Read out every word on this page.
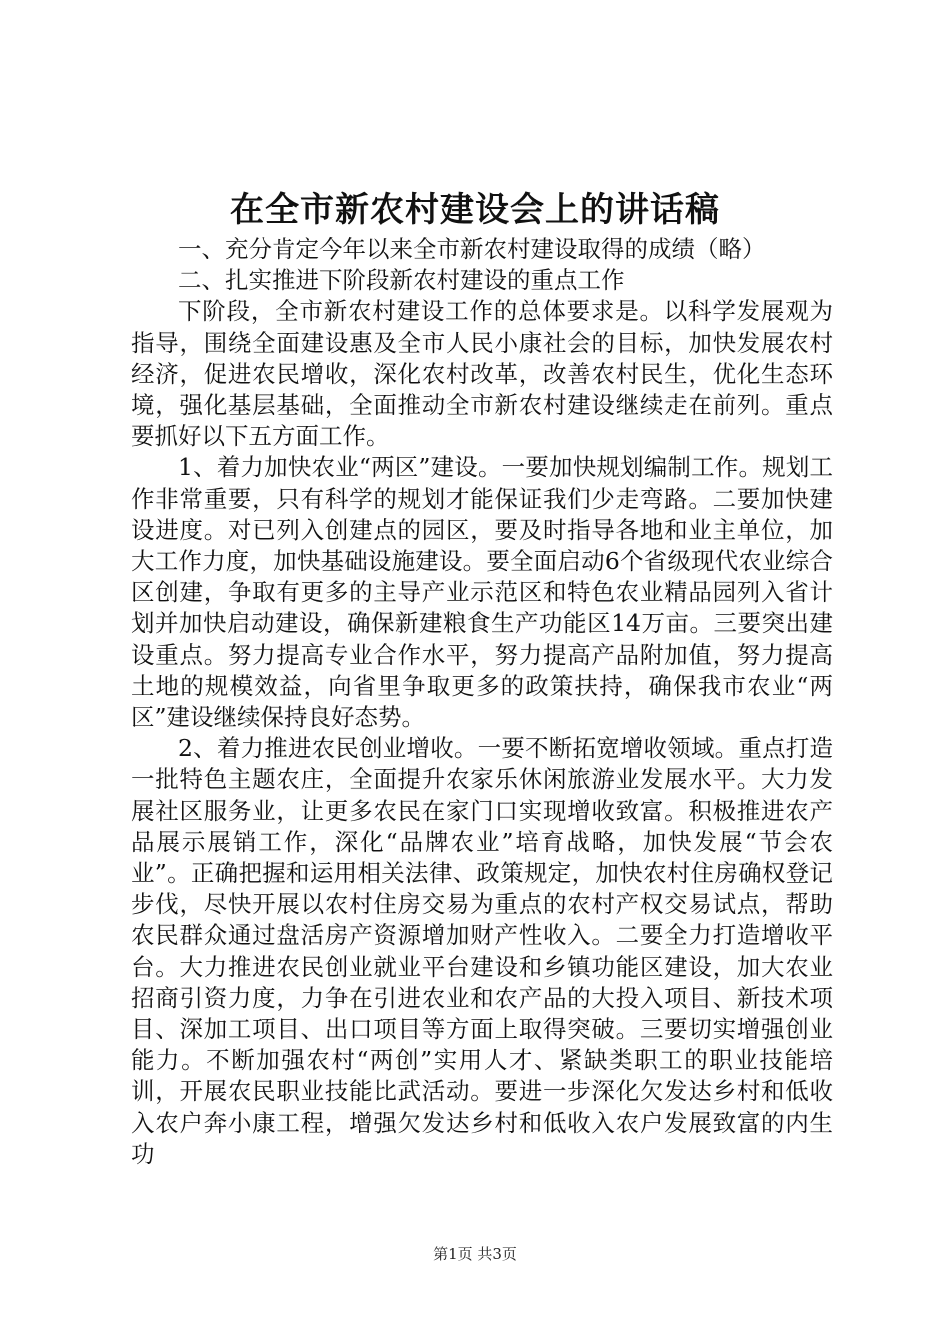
在全市新农村建设会上的讲话稿

一、充分肯定今年以来全市新农村建设取得的成绩（略）

二、扎实推进下阶段新农村建设的重点工作

下阶段，全市新农村建设工作的总体要求是。以科学发展观为指导，围绕全面建设惠及全市人民小康社会的目标，加快发展农村经济，促进农民增收，深化农村改革，改善农村民生，优化生态环境，强化基层基础，全面推动全市新农村建设继续走在前列。重点要抓好以下五方面工作。

1、着力加快农业“两区”建设。一要加快规划编制工作。规划工作非常重要，只有科学的规划才能保证我们少走弯路。二要加快建设进度。对已列入创建点的园区，要及时指导各地和业主单位，加大工作力度，加快基础设施建设。要全面启动6个省级现代农业综合区创建，争取有更多的主导产业示范区和特色农业精品园列入省计划并加快启动建设，确保新建粮食生产功能区14万亩。三要突出建设重点。努力提高专业合作水平，努力提高产品附加值，努力提高土地的规模效益，向省里争取更多的政策扶持，确保我市农业“两区”建设继续保持良好态势。

2、着力推进农民创业增收。一要不断拓宽增收领域。重点打造一批特色主题农庄，全面提升农家乐休闲旅游业发展水平。大力发展社区服务业，让更多农民在家门口实现增收致富。积极推进农产品展示展销工作，深化“品牌农业”培育战略，加快发展“节会农业”。正确把握和运用相关法律、政策规定，加快农村住房确权登记步伐，尽快开展以农村住房交易为重点的农村产权交易试点，帮助农民群众通过盘活房产资源增加财产性收入。二要全力打造增收平台。大力推进农民创业就业平台建设和乡镇功能区建设，加大农业招商引资力度，力争在引进农业和农产品的大投入项目、新技术项目、深加工项目、出口项目等方面上取得突破。三要切实增强创业能力。不断加强农村“两创”实用人才、紧缺类职工的职业技能培训，开展农民职业技能比武活动。要进一步深化欠发达乡村和低收入农户奔小康工程，增强欠发达乡村和低收入农户发展致富的内生功

第1页 共3页
